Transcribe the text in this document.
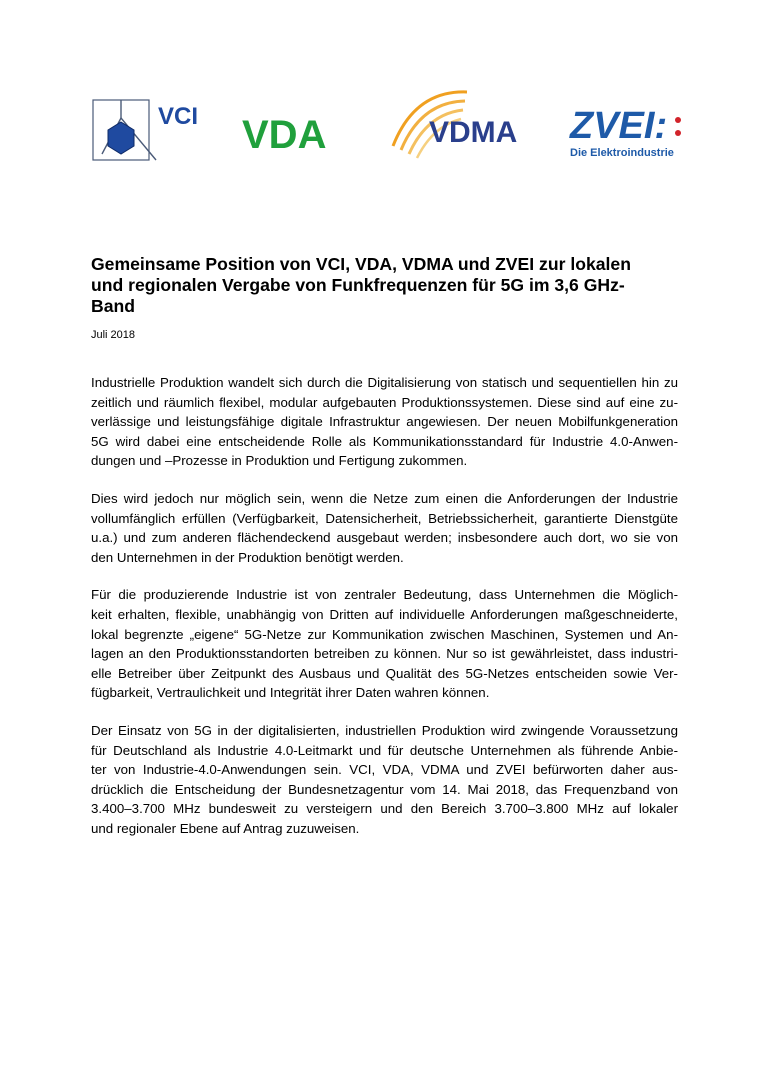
VCI VDA	VDMA ZVEI:
Die Elektroindustrie
Gemeinsame Position von VCI, VDA, VDMA und ZVEI zur lokalen
und regionalen Vergabe von Funkfrequenzen für 5G im 3,6 GHz-
Band

Juli 2018

Industrielle Produktion wandelt sich durch die Digitalisierung von statisch und sequentiellen hin zu
zeitlich und räumlich flexibel, modular aufgebauten Produktionssystemen. Diese sind auf eine zu-
verlässige und leistungsfähige digitale Infrastruktur angewiesen. Der neuen Mobilfunkgeneration
5G wird dabei eine entscheidende Rolle als Kommunikationsstandard für Industrie 4.0-Anwen-
dungen und –Prozesse in Produktion und Fertigung zukommen.

Dies wird jedoch nur möglich sein, wenn die Netze zum einen die Anforderungen der Industrie
vollumfänglich erfüllen (Verfügbarkeit, Datensicherheit, Betriebssicherheit, garantierte Dienstgüte
u.a.) und zum anderen flächendeckend ausgebaut werden; insbesondere auch dort, wo sie von
den Unternehmen in der Produktion benötigt werden.

Für die produzierende Industrie ist von zentraler Bedeutung, dass Unternehmen die Möglich-
keit erhalten, flexible, unabhängig von Dritten auf individuelle Anforderungen maßgeschneiderte,
lokal begrenzte „eigene“ 5G-Netze zur Kommunikation zwischen Maschinen, Systemen und An-
lagen an den Produktionsstandorten betreiben zu können. Nur so ist gewährleistet, dass industri-
elle Betreiber über Zeitpunkt des Ausbaus und Qualität des 5G-Netzes entscheiden sowie Ver-
fügbarkeit, Vertraulichkeit und Integrität ihrer Daten wahren können.

Der Einsatz von 5G in der digitalisierten, industriellen Produktion wird zwingende Voraussetzung
für Deutschland als Industrie 4.0-Leitmarkt und für deutsche Unternehmen als führende Anbie-
ter von Industrie-4.0-Anwendungen sein. VCI, VDA, VDMA und ZVEI befürworten daher aus-
drücklich die Entscheidung der Bundesnetzagentur vom 14. Mai 2018, das Frequenzband von
3.400–3.700 MHz bundesweit zu versteigern und den Bereich 3.700–3.800 MHz auf lokaler
und regionaler Ebene auf Antrag zuzuweisen.
